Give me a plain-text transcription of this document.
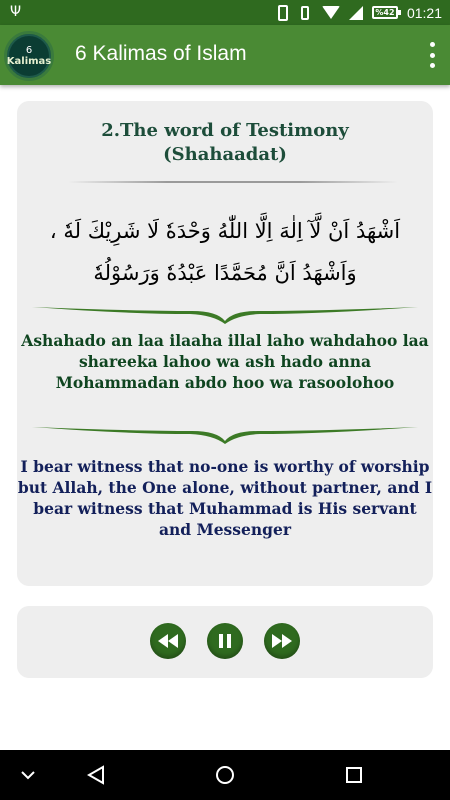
Ψ	%42 01:21
6
Kalimas 6 Kalimas of Islam
2.The word of Testimony
(Shahaadat)
اَشْهَدُ اَنْ لَّآ اِلٰهَ اِلَّا اللّٰهُ وَحْدَهٗ لَا شَرِيْكَ لَهٗ ، وَاَشْهَدُ اَنَّ مُحَمَّدًا عَبْدُهٗ وَرَسُوْلُهٗ
Ashahado an laa ilaaha illal laho wahdahoo laa shareeka lahoo wa ash hado anna Mohammadan abdo hoo wa rasoolohoo
I bear witness that no-one is worthy of worship but Allah, the One alone, without partner, and I bear witness that Muhammad is His servant and Messenger
